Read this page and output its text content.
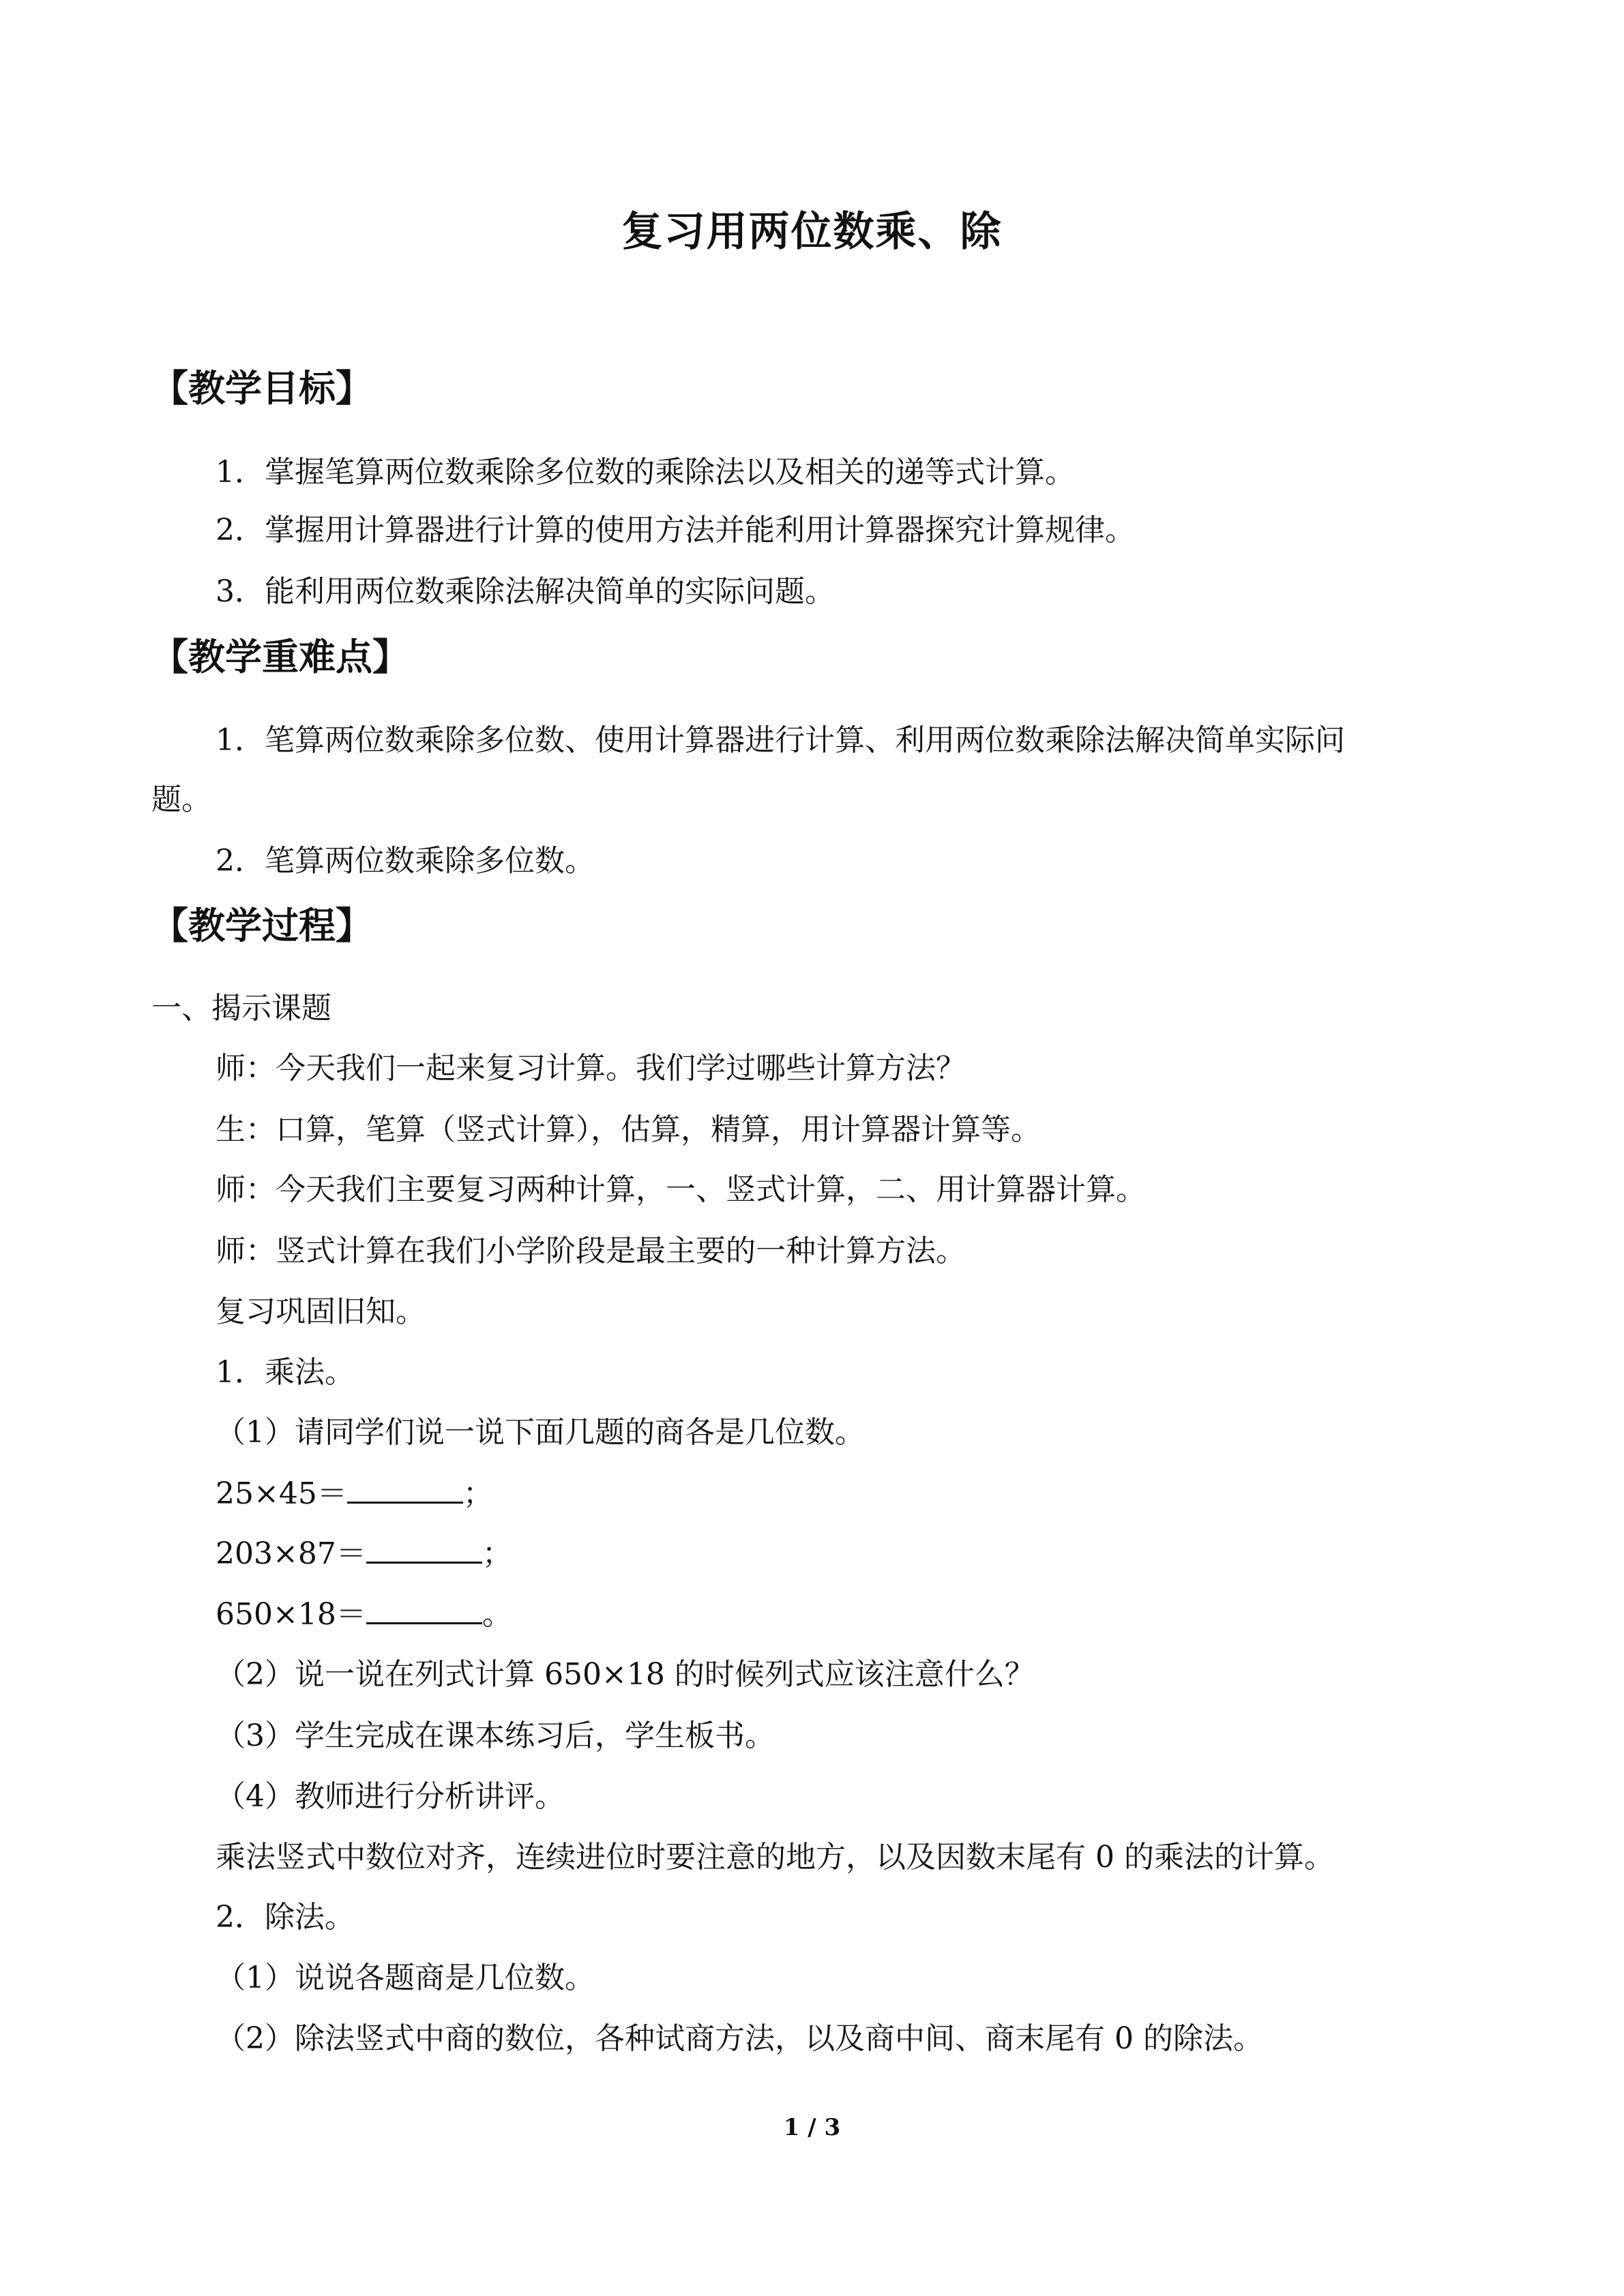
复习用两位数乘、除
【教学目标】
1．掌握笔算两位数乘除多位数的乘除法以及相关的递等式计算。
2．掌握用计算器进行计算的使用方法并能利用计算器探究计算规律。
3．能利用两位数乘除法解决简单的实际问题。
【教学重难点】
1．笔算两位数乘除多位数、使用计算器进行计算、利用两位数乘除法解决简单实际问
题。
2．笔算两位数乘除多位数。
【教学过程】
一、揭示课题
师：今天我们一起来复习计算。我们学过哪些计算方法？
生：口算，笔算（竖式计算），估算，精算，用计算器计算等。
师：今天我们主要复习两种计算，一、竖式计算，二、用计算器计算。
师：竖式计算在我们小学阶段是最主要的一种计算方法。
复习巩固旧知。
1．乘法。
（1）请同学们说一说下面几题的商各是几位数。
25×45＝	；
203×87＝	；
650×18＝	。
（2）说一说在列式计算 650×18 的时候列式应该注意什么？
（3）学生完成在课本练习后，学生板书。
（4）教师进行分析讲评。
乘法竖式中数位对齐，连续进位时要注意的地方，以及因数末尾有 0 的乘法的计算。
2．除法。
（1）说说各题商是几位数。
（2）除法竖式中商的数位，各种试商方法，以及商中间、商末尾有 0 的除法。
1 / 3
